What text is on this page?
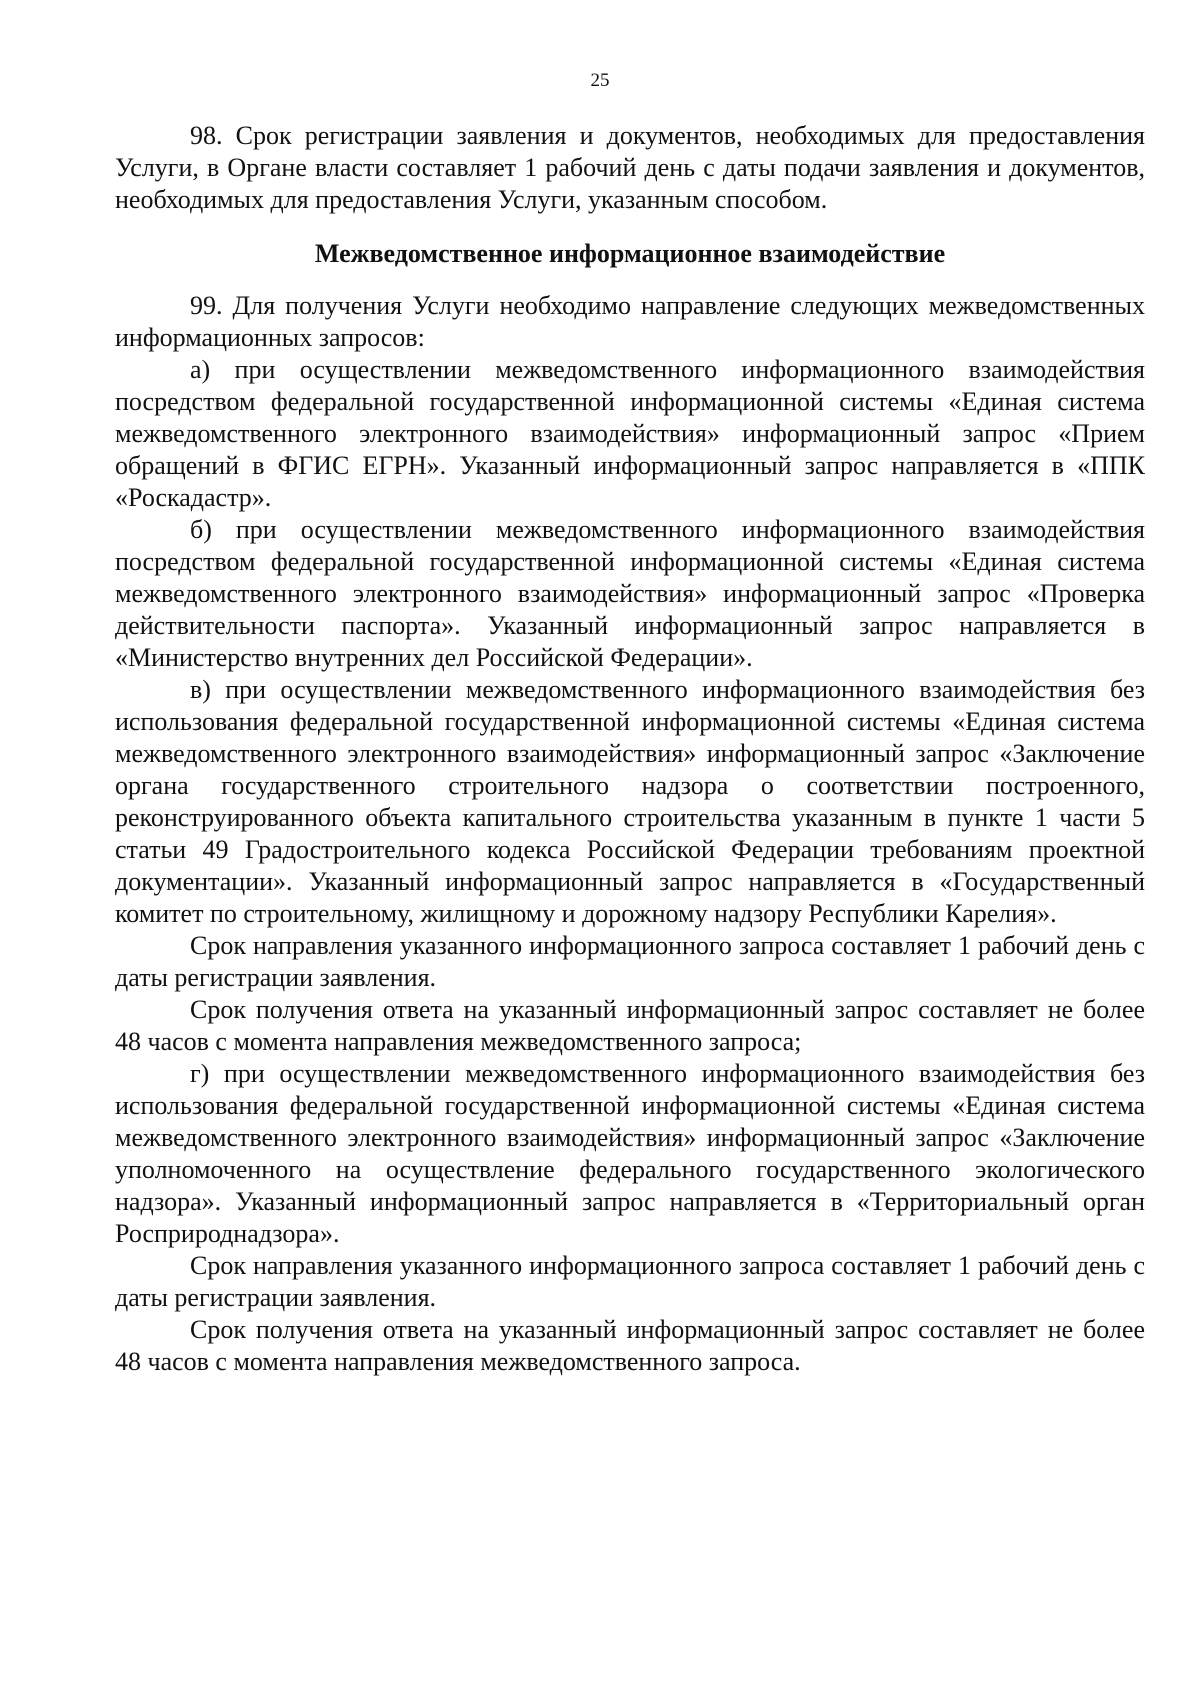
25

98. Срок регистрации заявления и документов, необходимых для предоставления Услуги, в Органе власти составляет 1 рабочий день с даты подачи заявления и документов, необходимых для предоставления Услуги, указанным способом.

Межведомственное информационное взаимодействие

99. Для получения Услуги необходимо направление следующих межведомственных информационных запросов:

а) при осуществлении межведомственного информационного взаимодействия посредством федеральной государственной информационной системы «Единая система межведомственного электронного взаимодействия» информационный запрос «Прием обращений в ФГИС ЕГРН». Указанный информационный запрос направляется в «ППК «Роскадастр».

б) при осуществлении межведомственного информационного взаимодействия посредством федеральной государственной информационной системы «Единая система межведомственного электронного взаимодействия» информационный запрос «Проверка действительности паспорта». Указанный информационный запрос направляется в «Министерство внутренних дел Российской Федерации».

в) при осуществлении межведомственного информационного взаимодействия без использования федеральной государственной информационной системы «Единая система межведомственного электронного взаимодействия» информационный запрос «Заключение органа государственного строительного надзора о соответствии построенного, реконструированного объекта капитального строительства указанным в пункте 1 части 5 статьи 49 Градостроительного кодекса Российской Федерации требованиям проектной документации». Указанный информационный запрос направляется в «Государственный комитет по строительному, жилищному и дорожному надзору Республики Карелия».

Срок направления указанного информационного запроса составляет 1 рабочий день с даты регистрации заявления.

Срок получения ответа на указанный информационный запрос составляет не более 48 часов с момента направления межведомственного запроса;

г) при осуществлении межведомственного информационного взаимодействия без использования федеральной государственной информационной системы «Единая система межведомственного электронного взаимодействия» информационный запрос «Заключение уполномоченного на осуществление федерального государственного экологического надзора». Указанный информационный запрос направляется в «Территориальный орган Росприроднадзора».

Срок направления указанного информационного запроса составляет 1 рабочий день с даты регистрации заявления.

Срок получения ответа на указанный информационный запрос составляет не более 48 часов с момента направления межведомственного запроса.
